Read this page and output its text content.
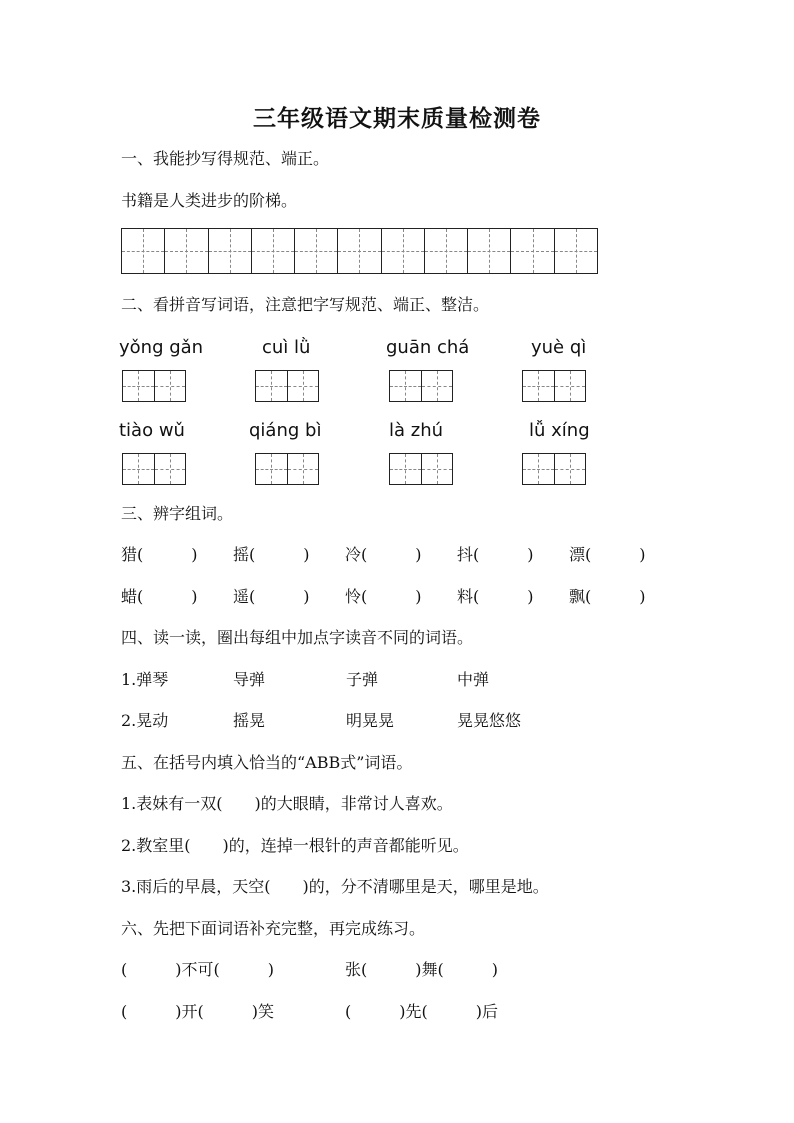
三年级语文期末质量检测卷
一、我能抄写得规范、端正。
书籍是人类进步的阶梯。
二、看拼音写词语，注意把字写规范、端正、整洁。
yǒng gǎn	cuì lǜ	guān chá	yuè qì
tiào wǔ	qiáng bì	là zhú	lǚ xíng
三、辨字组词。
猎(　　　) 摇(　　　) 冷(　　　) 抖(　　　) 漂(　　　)
蜡(　　　) 遥(　　　) 怜(　　　) 料(　　　) 飘(　　　)
四、读一读，圈出每组中加点字读音不同的词语。
1.弹琴	导弹	子弹	中弹
2.晃动	摇晃	明晃晃	晃晃悠悠
五、在括号内填入恰当的“ABB式”词语。
1.表妹有一双(　　)的大眼睛，非常讨人喜欢。
2.教室里(　　)的，连掉一根针的声音都能听见。
3.雨后的早晨，天空(　　)的，分不清哪里是天，哪里是地。
六、先把下面词语补充完整，再完成练习。
(　　　)不可(　　　)	张(　　　)舞(　　　)
(　　　)开(　　　)笑	(　　　)先(　　　)后
